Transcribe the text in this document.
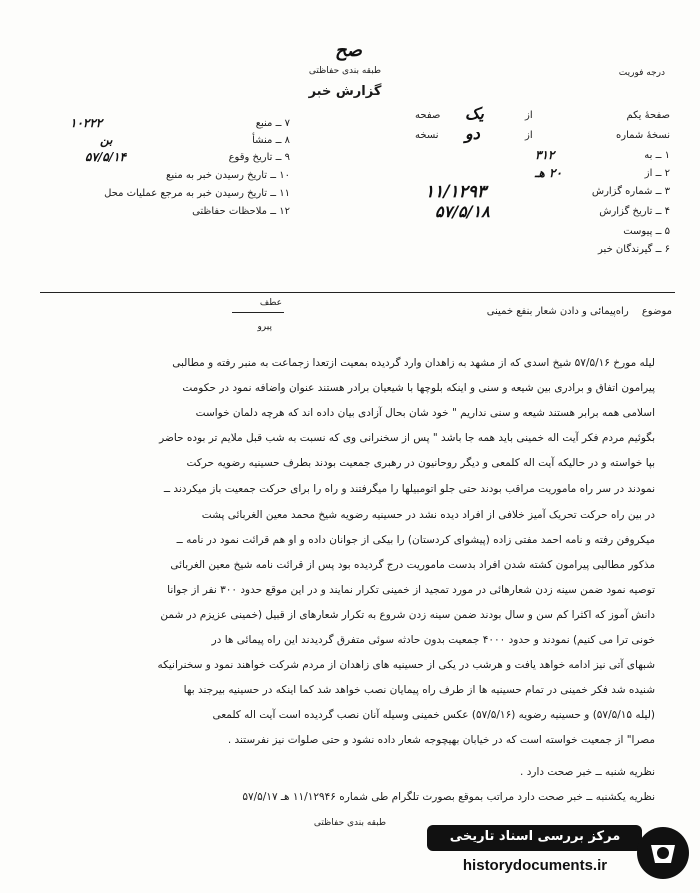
صح
طبقه بندی حفاظتی
گزارش خبر
درجه فوریت
۷ ــ منبع
۱۰۲۲۲
۸ ــ منشأ
بن
۹ ــ تاریخ وقوع
۵۷/۵/۱۴
۱۰ ــ تاریخ رسیدن خبر به منبع
۱۱ ــ تاریخ رسیدن خبر به مرجع عملیات محل
۱۲ ــ ملاحظات حفاظتی
صفحهٔ یکم
از
صفحه یک
نسخهٔ شماره
از
نسخه دو
۱ ــ به
۳۱۲
۲ ــ از
۲۰ هـ
۳ ــ شماره گزارش
۱۱/۱۲۹۳
۴ ــ تاریخ گزارش
۵۷/۵/۱۸
۵ ــ پیوست
۶ ــ گیرندگان خبر
عطف
پیرو
موضوع راه‌پیمائی و دادن شعار بنفع خمینی
لیله مورخ ۵۷/۵/۱۶ شیخ اسدی که از مشهد به زاهدان وارد گردیده بمعیت ازتعدا زجماعت به منبر رفته و مطالبی
پیرامون اتفاق و برادری بین شیعه و سنی و اینکه بلوچها با شیعیان برادر هستند عنوان واضافه نمود در حکومت
اسلامی همه برابر هستند شیعه و سنی نداریم " خود شان بحال آزادی بیان داده اند که هرچه دلمان خواست
بگوئیم مردم فکر آیت اله خمینی باید همه جا باشد " پس از سخنرانی وی که نسبت به شب قبل ملایم تر بوده حاضر
بپا خواسته و در حالیکه آیت اله کلمعی و دیگر روحانیون در رهبری جمعیت بودند بطرف حسینیه رضویه حرکت
نمودند در سر راه ماموریت مراقب بودند حتی جلو اتومبیلها را میگرفتند و راه را برای حرکت جمعیت باز میکردند ــ
در بین راه حرکت تحریک آمیز خلافی از افراد دیده نشد در حسینیه رضویه شیخ محمد معین الغربائی پشت
میکروفن رفته و نامه احمد مفتی زاده (پیشوای کردستان) را بیکی از جوانان داده و او هم قرائت نمود در نامه ــ
مذکور مطالبی پیرامون کشته شدن افراد بدست ماموریت درج گردیده بود پس از قرائت نامه شیخ معین الغربائی
توصیه نمود ضمن سینه زدن شعارهائی در مورد تمجید از خمینی تکرار نمایند و در این موقع حدود ۳۰۰ نفر از جوانا
دانش آموز که اکثرا کم سن و سال بودند ضمن سینه زدن شروع به تکرار شعارهای از قبیل (خمینی عزیزم در شمن
خونی ترا می کنیم) نمودند و حدود ۴۰۰۰ جمعیت بدون حادثه سوئی متفرق گردیدند این راه پیمائی ها در
شبهای آتی نیز ادامه خواهد یافت و هرشب در یکی از حسینیه های زاهدان از مردم شرکت خواهند نمود و سخنرانیکه
شنیده شد فکر خمینی در تمام حسینیه ها از طرف راه پیمایان نصب خواهد شد کما اینکه در حسینیه بیرجند بها
(لیله ۵۷/۵/۱۵) و حسینیه رضویه (۵۷/۵/۱۶) عکس خمینی وسیله آنان نصب گردیده است آیت اله کلمعی
مصرا" از جمعیت خواسته است که در خیابان بهیچوجه شعار داده نشود و حتی صلوات نیز نفرستند .
نظریه شنبه ــ خبر صحت دارد .
نظریه یکشنبه ــ خبر صحت دارد مراتب بموقع بصورت تلگرام طی شماره ۱۱/۱۲۹۴۶ هـ ۵۷/۵/۱۷
طبقه بندی حفاظتی
مرکز بررسی اسناد تاریخی
historydocuments.ir
